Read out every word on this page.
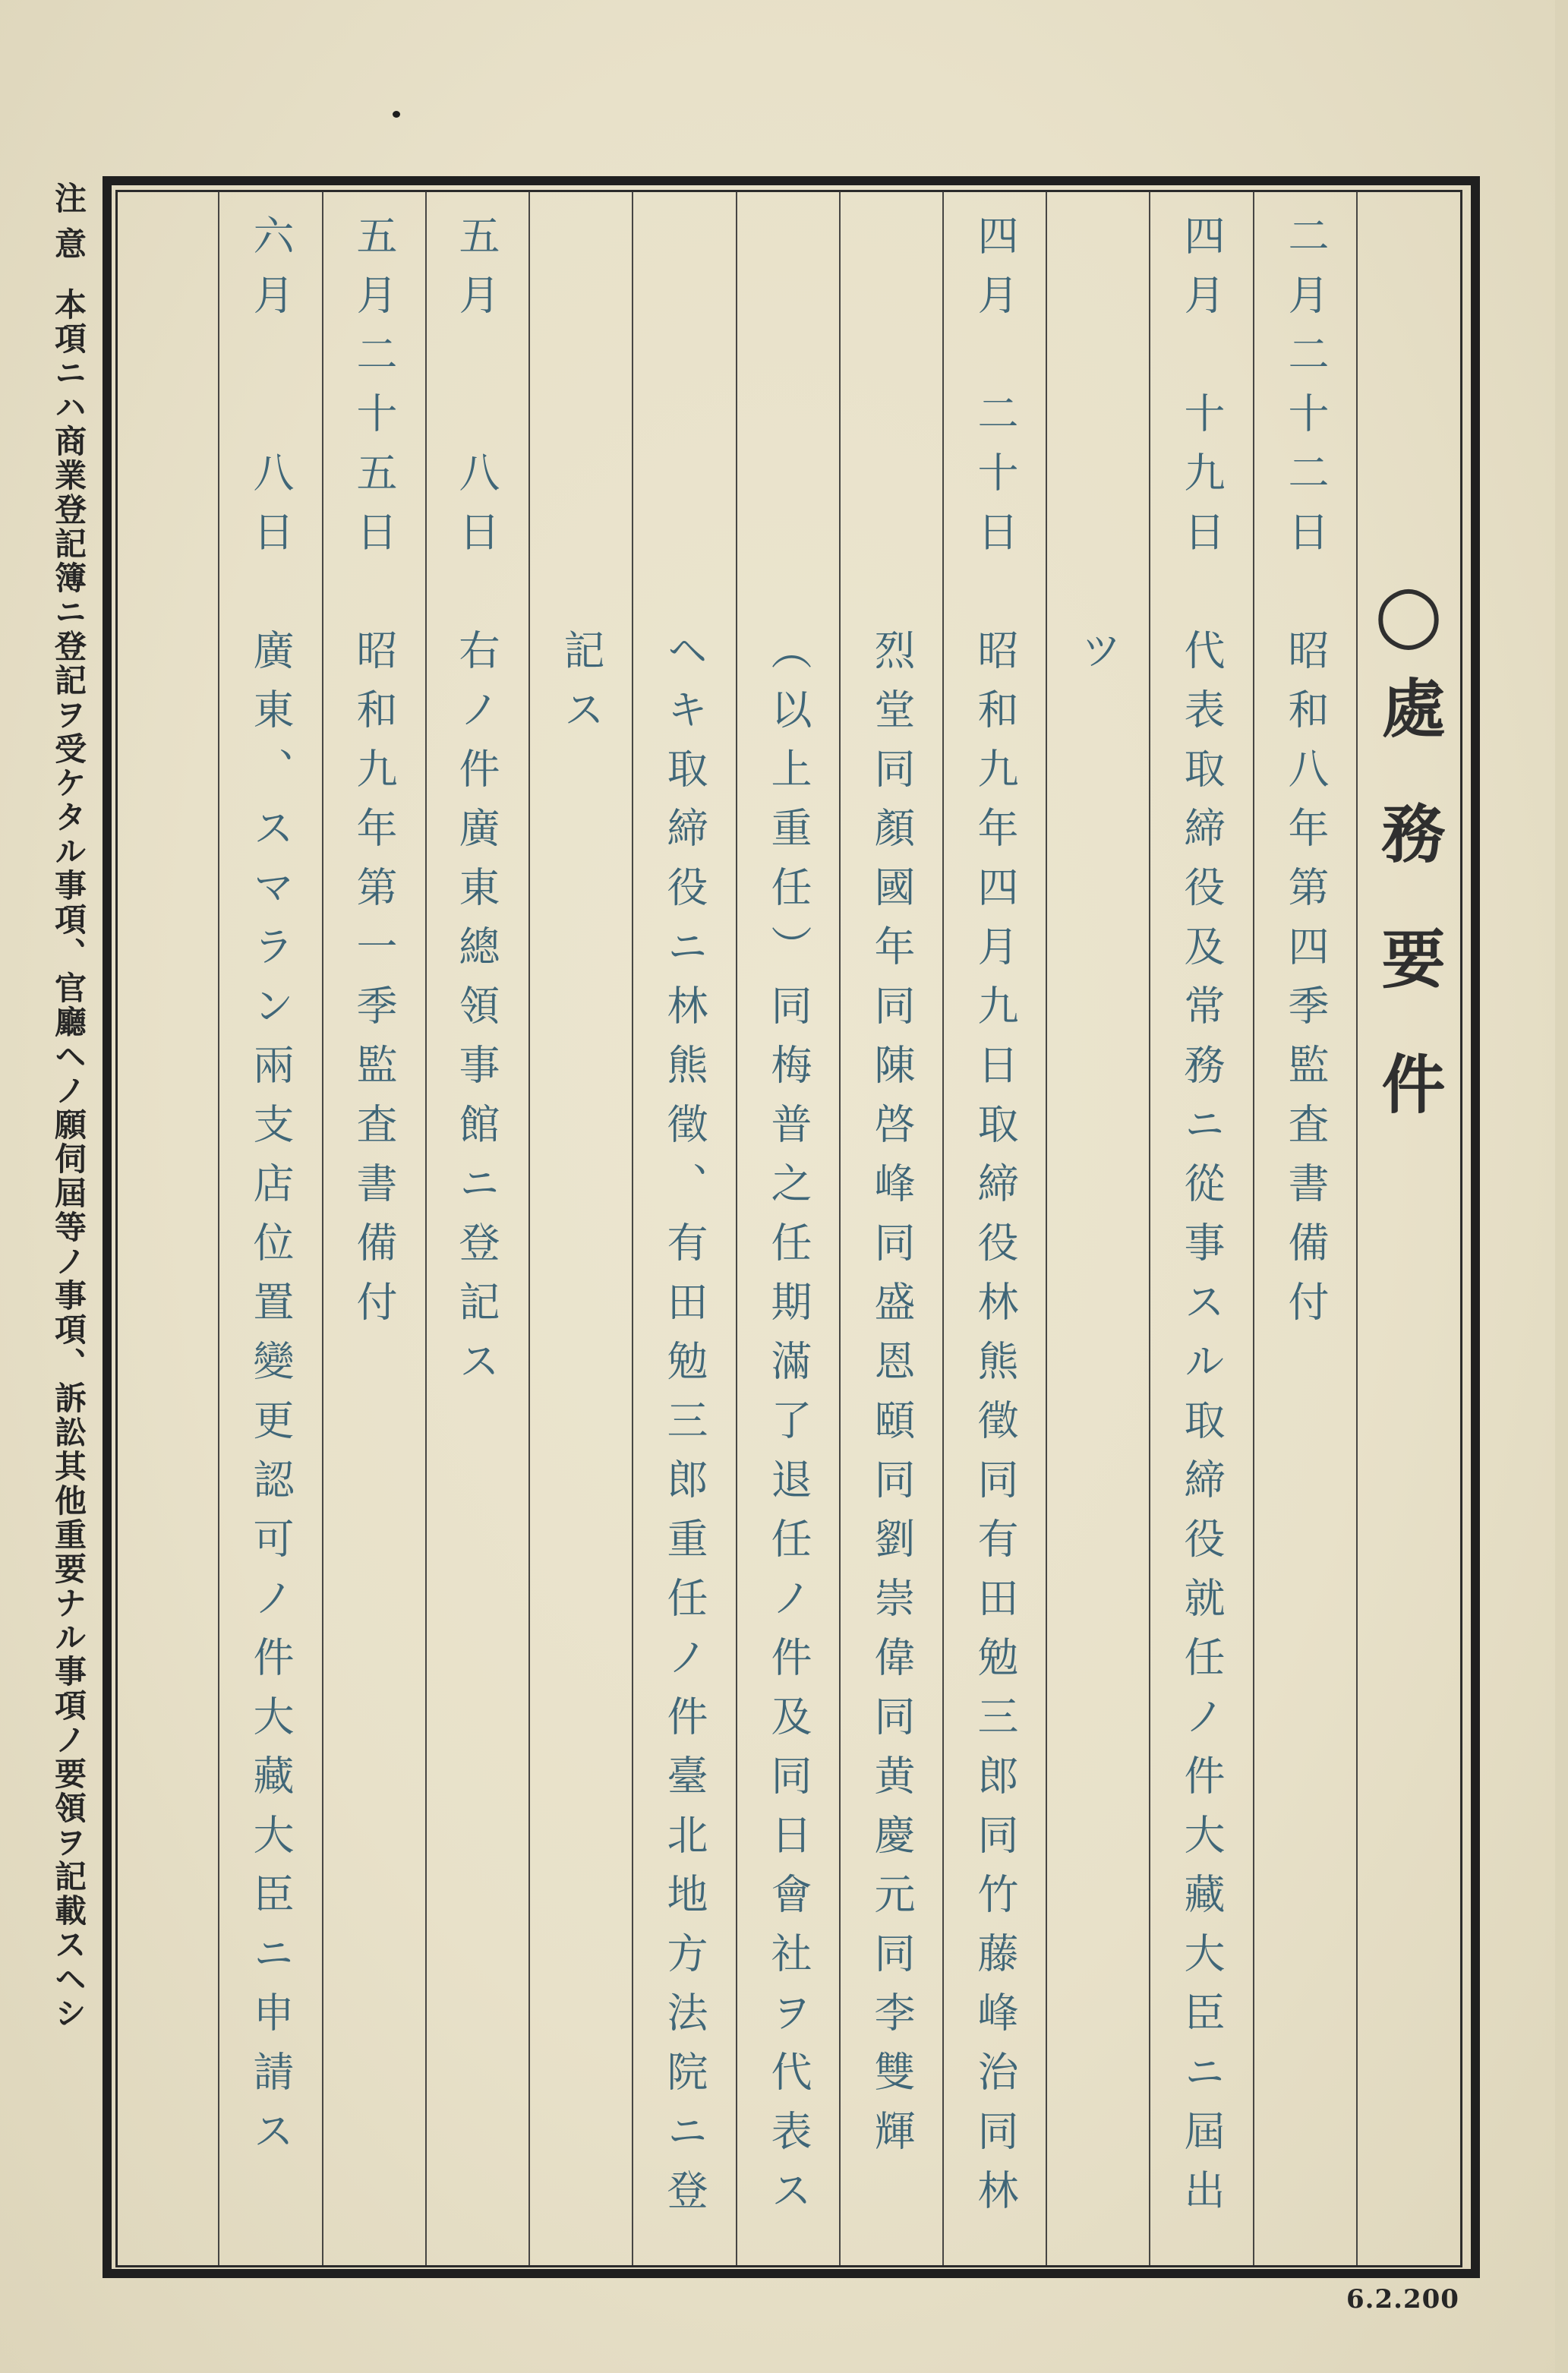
注意
本項ニハ商業登記簿ニ登記ヲ受ケタル事項、官廳ヘノ願伺屆等ノ事項、訴訟其他重要ナル事項ノ要領ヲ記載スヘシ	○
處務要件
二月
二十二日
昭和八年第四季監査書備付
四月
十九日
代表取締役及常務ニ從事スル取締役就任ノ件大藏大臣ニ屆出
ツ
四月
二十日
昭和九年四月九日取締役林熊徵同有田勉三郎同竹藤峰治同林
烈堂同顏國年同陳啓峰同盛恩頤同劉崇偉同黄慶元同李雙輝
（以上重任）同梅普之任期滿了退任ノ件及同日會社ヲ代表ス
ヘキ取締役ニ林熊徵、有田勉三郎重任ノ件臺北地方法院ニ登
記ス
五月
八日
右ノ件廣東總領事館ニ登記ス
五月
二十五日
昭和九年第一季監査書備付
六月
八日
廣東、スマラン兩支店位置變更認可ノ件大藏大臣ニ申請ス
6.2.200
